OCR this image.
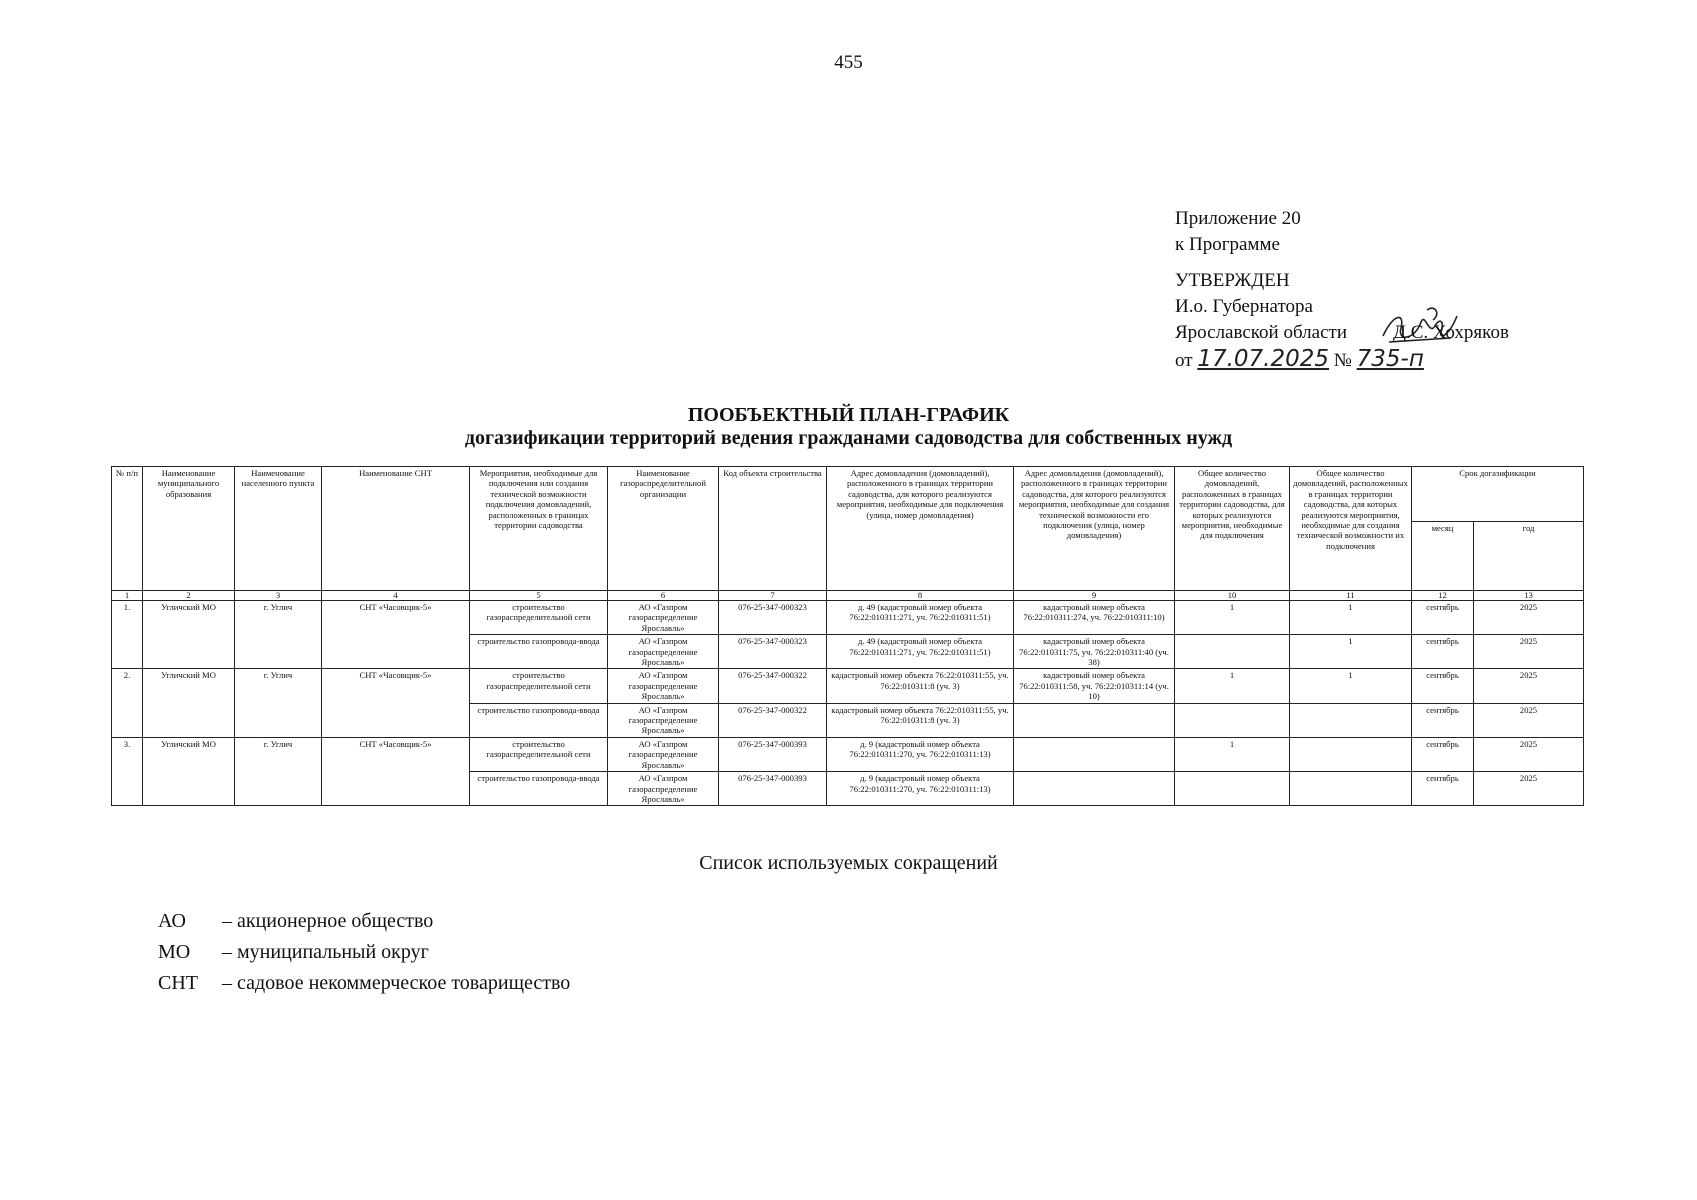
455
Приложение 20
к Программе
УТВЕРЖДЕН
И.о. Губернатора
Ярославской области Д.С. Хохряков
от 17.07.2025 № 735-п
ПООБЪЕКТНЫЙ ПЛАН-ГРАФИК
догазификации территорий ведения гражданами садоводства для собственных нужд
№ п/п	Наименование муниципального образования	Наименование населенного пункта	Наименование СНТ	Мероприятия, необходимые для подключения или создания технической возможности подключения домовладений, расположенных в границах территории садоводства	Наименование газораспределительной организации	Код объекта строительства	Адрес домовладения (домовладений), расположенного в границах территории садоводства, для которого реализуются мероприятия, необходимые для подключения (улица, номер домовладения)	Адрес домовладения (домовладений), расположенного в границах территории садоводства, для которого реализуются мероприятия, необходимые для создания технической возможности его подключения (улица, номер домовладения)	Общее количество домовладений, расположенных в границах территории садоводства, для которых реализуются мероприятия, необходимые для подключения	Общее количество домовладений, расположенных в границах территории садоводства, для которых реализуются мероприятия, необходимые для создания технической возможности их подключения	Срок догазификации	
											месяц	год
1	2	3	4	5	6	7	8	9	10	11	12	13
1.	Угличский МО	г. Углич	СНТ «Часовщик-5»	строительство газораспределительной сети	АО «Газпром газораспределение Ярославль»	076-25-347-000323	д. 49 (кадастровый номер объекта 76:22:010311:271, уч. 76:22:010311:51)	кадастровый номер объекта 76:22:010311:274, уч. 76:22:010311:10)	1	1	сентябрь	2025
				строительство газопровода-ввода	АО «Газпром газораспределение Ярославль»	076-25-347-000323	д. 49 (кадастровый номер объекта 76:22:010311:271, уч. 76:22:010311:51)	кадастровый номер объекта 76:22:010311:75, уч. 76:22:010311:40 (уч. 38)		1	сентябрь	2025
2.	Угличский МО	г. Углич	СНТ «Часовщик-5»	строительство газораспределительной сети	АО «Газпром газораспределение Ярославль»	076-25-347-000322	кадастровый номер объекта 76:22:010311:55, уч. 76:22:010311:8 (уч. 3)	кадастровый номер объекта 76:22:010311:58, уч. 76:22:010311:14 (уч. 10)	1	1	сентябрь	2025
				строительство газопровода-ввода	АО «Газпром газораспределение Ярославль»	076-25-347-000322	кадастровый номер объекта 76:22:010311:55, уч. 76:22:010311:8 (уч. 3)				сентябрь	2025
3.	Угличский МО	г. Углич	СНТ «Часовщик-5»	строительство газораспределительной сети	АО «Газпром газораспределение Ярославль»	076-25-347-000393	д. 9 (кадастровый номер объекта 76:22:010311:270, уч. 76:22:010311:13)		1		сентябрь	2025
				строительство газопровода-ввода	АО «Газпром газораспределение Ярославль»	076-25-347-000393	д. 9 (кадастровый номер объекта 76:22:010311:270, уч. 76:22:010311:13)				сентябрь	2025
Список используемых сокращений
АО	– акционерное общество
МО	– муниципальный округ
СНТ	– садовое некоммерческое товарищество
